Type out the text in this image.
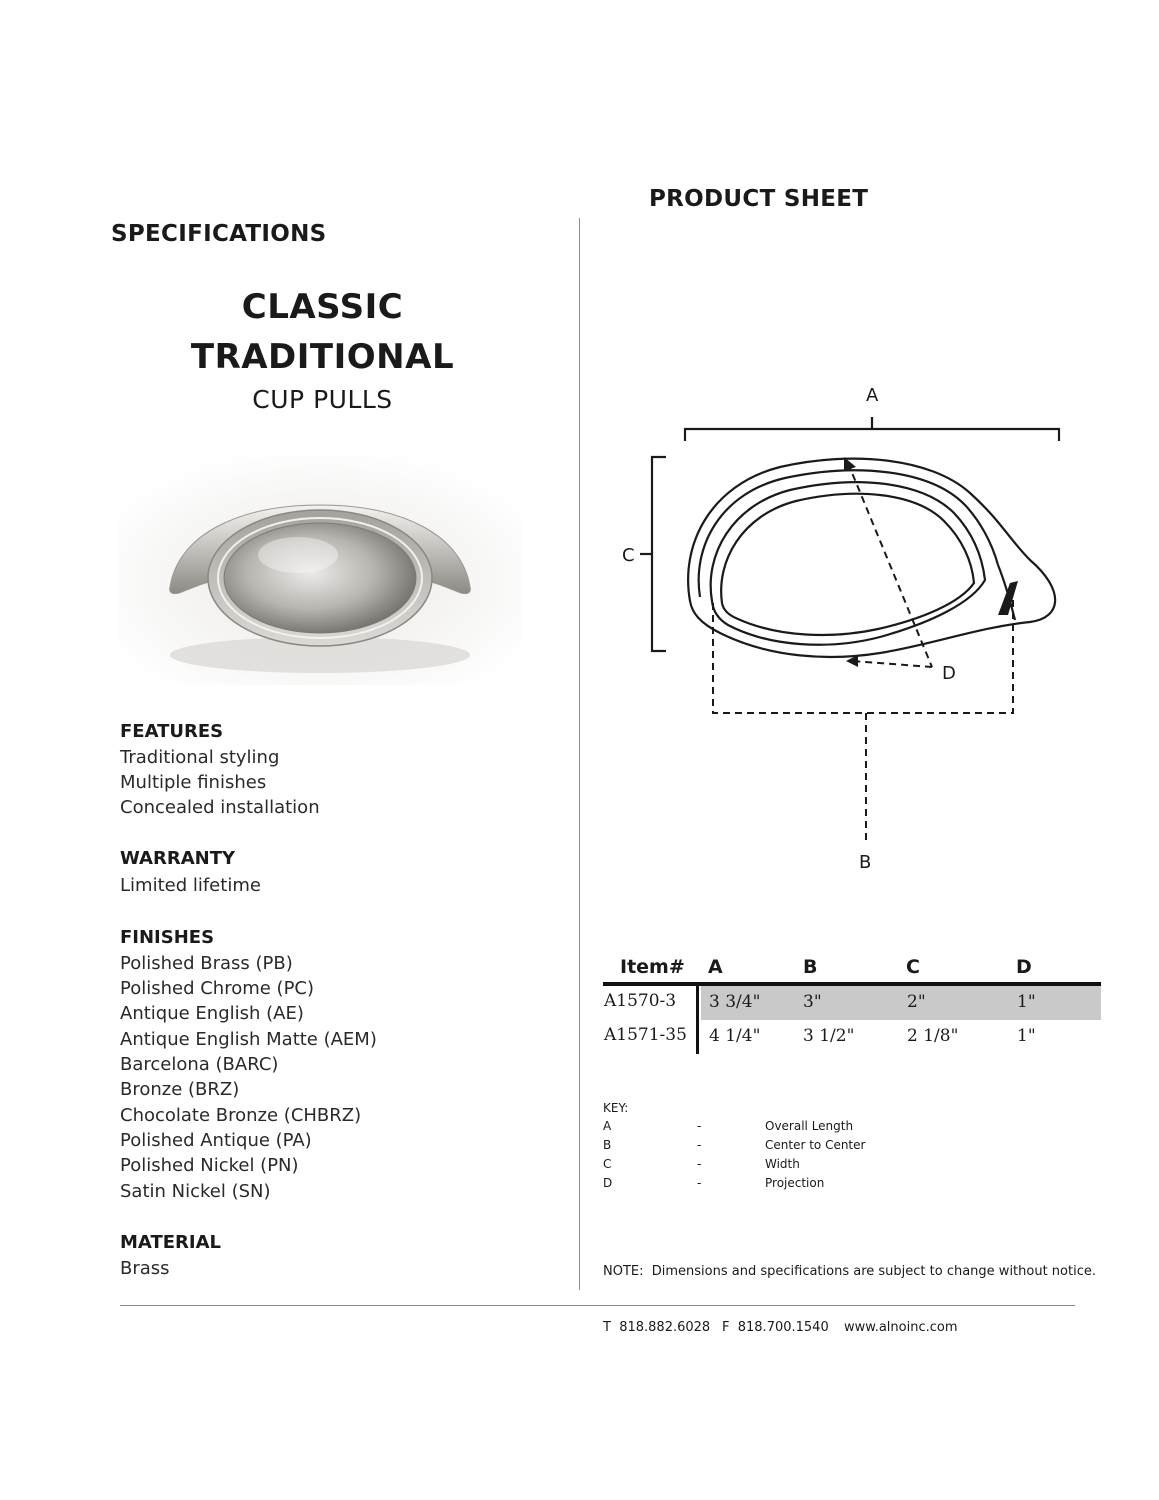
PRODUCT SHEET
SPECIFICATIONS
CLASSIC
TRADITIONAL
CUP PULLS
FEATURES
Traditional styling
Multiple finishes
Concealed installation
WARRANTY
Limited lifetime
FINISHES
Polished Brass (PB)
Polished Chrome (PC)
Antique English (AE)
Antique English Matte (AEM)
Barcelona (BARC)
Bronze (BRZ)
Chocolate Bronze (CHBRZ)
Polished Antique (PA)
Polished Nickel (PN)
Satin Nickel (SN)
MATERIAL
Brass
A
C
D
B
Item# A	B	C	D
A1570-3 3 3/4"	3"	2"	1"
A1571-35 4 1/4"	3 1/2"	2 1/8"	1"
KEY:
A	-	Overall Length
B	-	Center to Center
C	-	Width
D	-	Projection
NOTE:  Dimensions and specifications are subject to change without notice.
T  818.882.6028 F  818.700.1540 www.alnoinc.com
